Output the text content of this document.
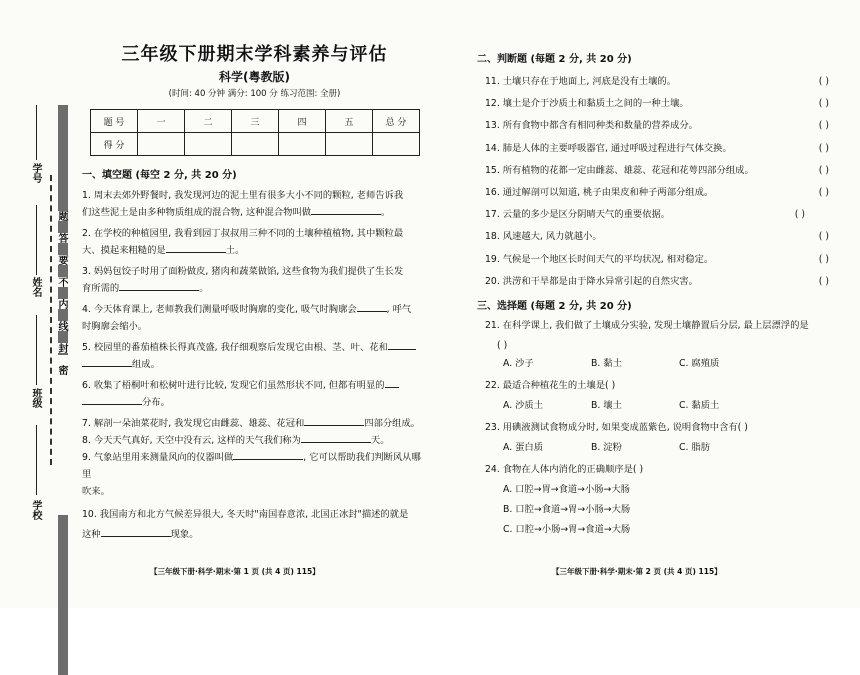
学号
姓名
班级
学校
密
封
线
内
不
要
答
题
三年级下册期末学科素养与评估
科学(粤教版)
(时间: 40 分钟 满分: 100 分 练习范围: 全册)
题 号	一	二	三	四	五	总 分
得 分						
一、填空题 (每空 2 分, 共 20 分)
1. 周末去郊外野餐时, 我发现河边的泥土里有很多大小不同的颗粒, 老师告诉我
们这些泥土是由多种物质组成的混合物, 这种混合物叫做	。
2. 在学校的种植园里, 我看到园丁叔叔用三种不同的土壤种植植物, 其中颗粒最
大、摸起来粗糙的是	土。
3. 妈妈包饺子时用了面粉做皮, 猪肉和蔬菜做馅, 这些食物为我们提供了生长发
育所需的	。
4. 今天体育课上, 老师教我们测量呼吸时胸廓的变化, 吸气时胸廓会	, 呼气
时胸廓会缩小。
5. 校园里的番茄植株长得真茂盛, 我仔细观察后发现它由根、茎、叶、花和
组成。
6. 收集了梧桐叶和松树叶进行比较, 发现它们虽然形状不同, 但都有明显的
分布。
7. 解剖一朵油菜花时, 我发现它由雌蕊、雄蕊、花冠和	四部分组成。
8. 今天天气真好, 天空中没有云, 这样的天气我们称为	天。
9. 气象站里用来测量风向的仪器叫做	, 它可以帮助我们判断风从哪里
吹来。
10. 我国南方和北方气候差异很大, 冬天时"南国春意浓, 北国正冰封"描述的就是
这种	现象。
二、判断题 (每题 2 分, 共 20 分)
11. 土壤只存在于地面上, 河底是没有土壤的。	( )
12. 壤土是介于沙质土和黏质土之间的一种土壤。	( )
13. 所有食物中都含有相同种类和数量的营养成分。	( )
14. 肺是人体的主要呼吸器官, 通过呼吸过程进行气体交换。	( )
15. 所有植物的花都一定由雌蕊、雄蕊、花冠和花萼四部分组成。	( )
16. 通过解剖可以知道, 桃子由果皮和种子两部分组成。	( )
17. 云量的多少是区分阴晴天气的重要依据。	( )
18. 风速越大, 风力就越小。	( )
19. 气候是一个地区长时间天气的平均状况, 相对稳定。	( )
20. 洪涝和干旱都是由于降水异常引起的自然灾害。	( )
三、选择题 (每题 2 分, 共 20 分)
21. 在科学课上, 我们做了土壤成分实验, 发现土壤静置后分层, 最上层漂浮的是
( )
A. 沙子	B. 黏土	C. 腐殖质
22. 最适合种植花生的土壤是( )
A. 沙质土	B. 壤土	C. 黏质土
23. 用碘液测试食物成分时, 如果变成蓝紫色, 说明食物中含有( )
A. 蛋白质	B. 淀粉	C. 脂肪
24. 食物在人体内消化的正确顺序是( )
A. 口腔→胃→食道→小肠→大肠
B. 口腔→食道→胃→小肠→大肠
C. 口腔→小肠→胃→食道→大肠
【三年级下册·科学·期末·第 1 页 (共 4 页) 115】	【三年级下册·科学·期末·第 2 页 (共 4 页) 115】
